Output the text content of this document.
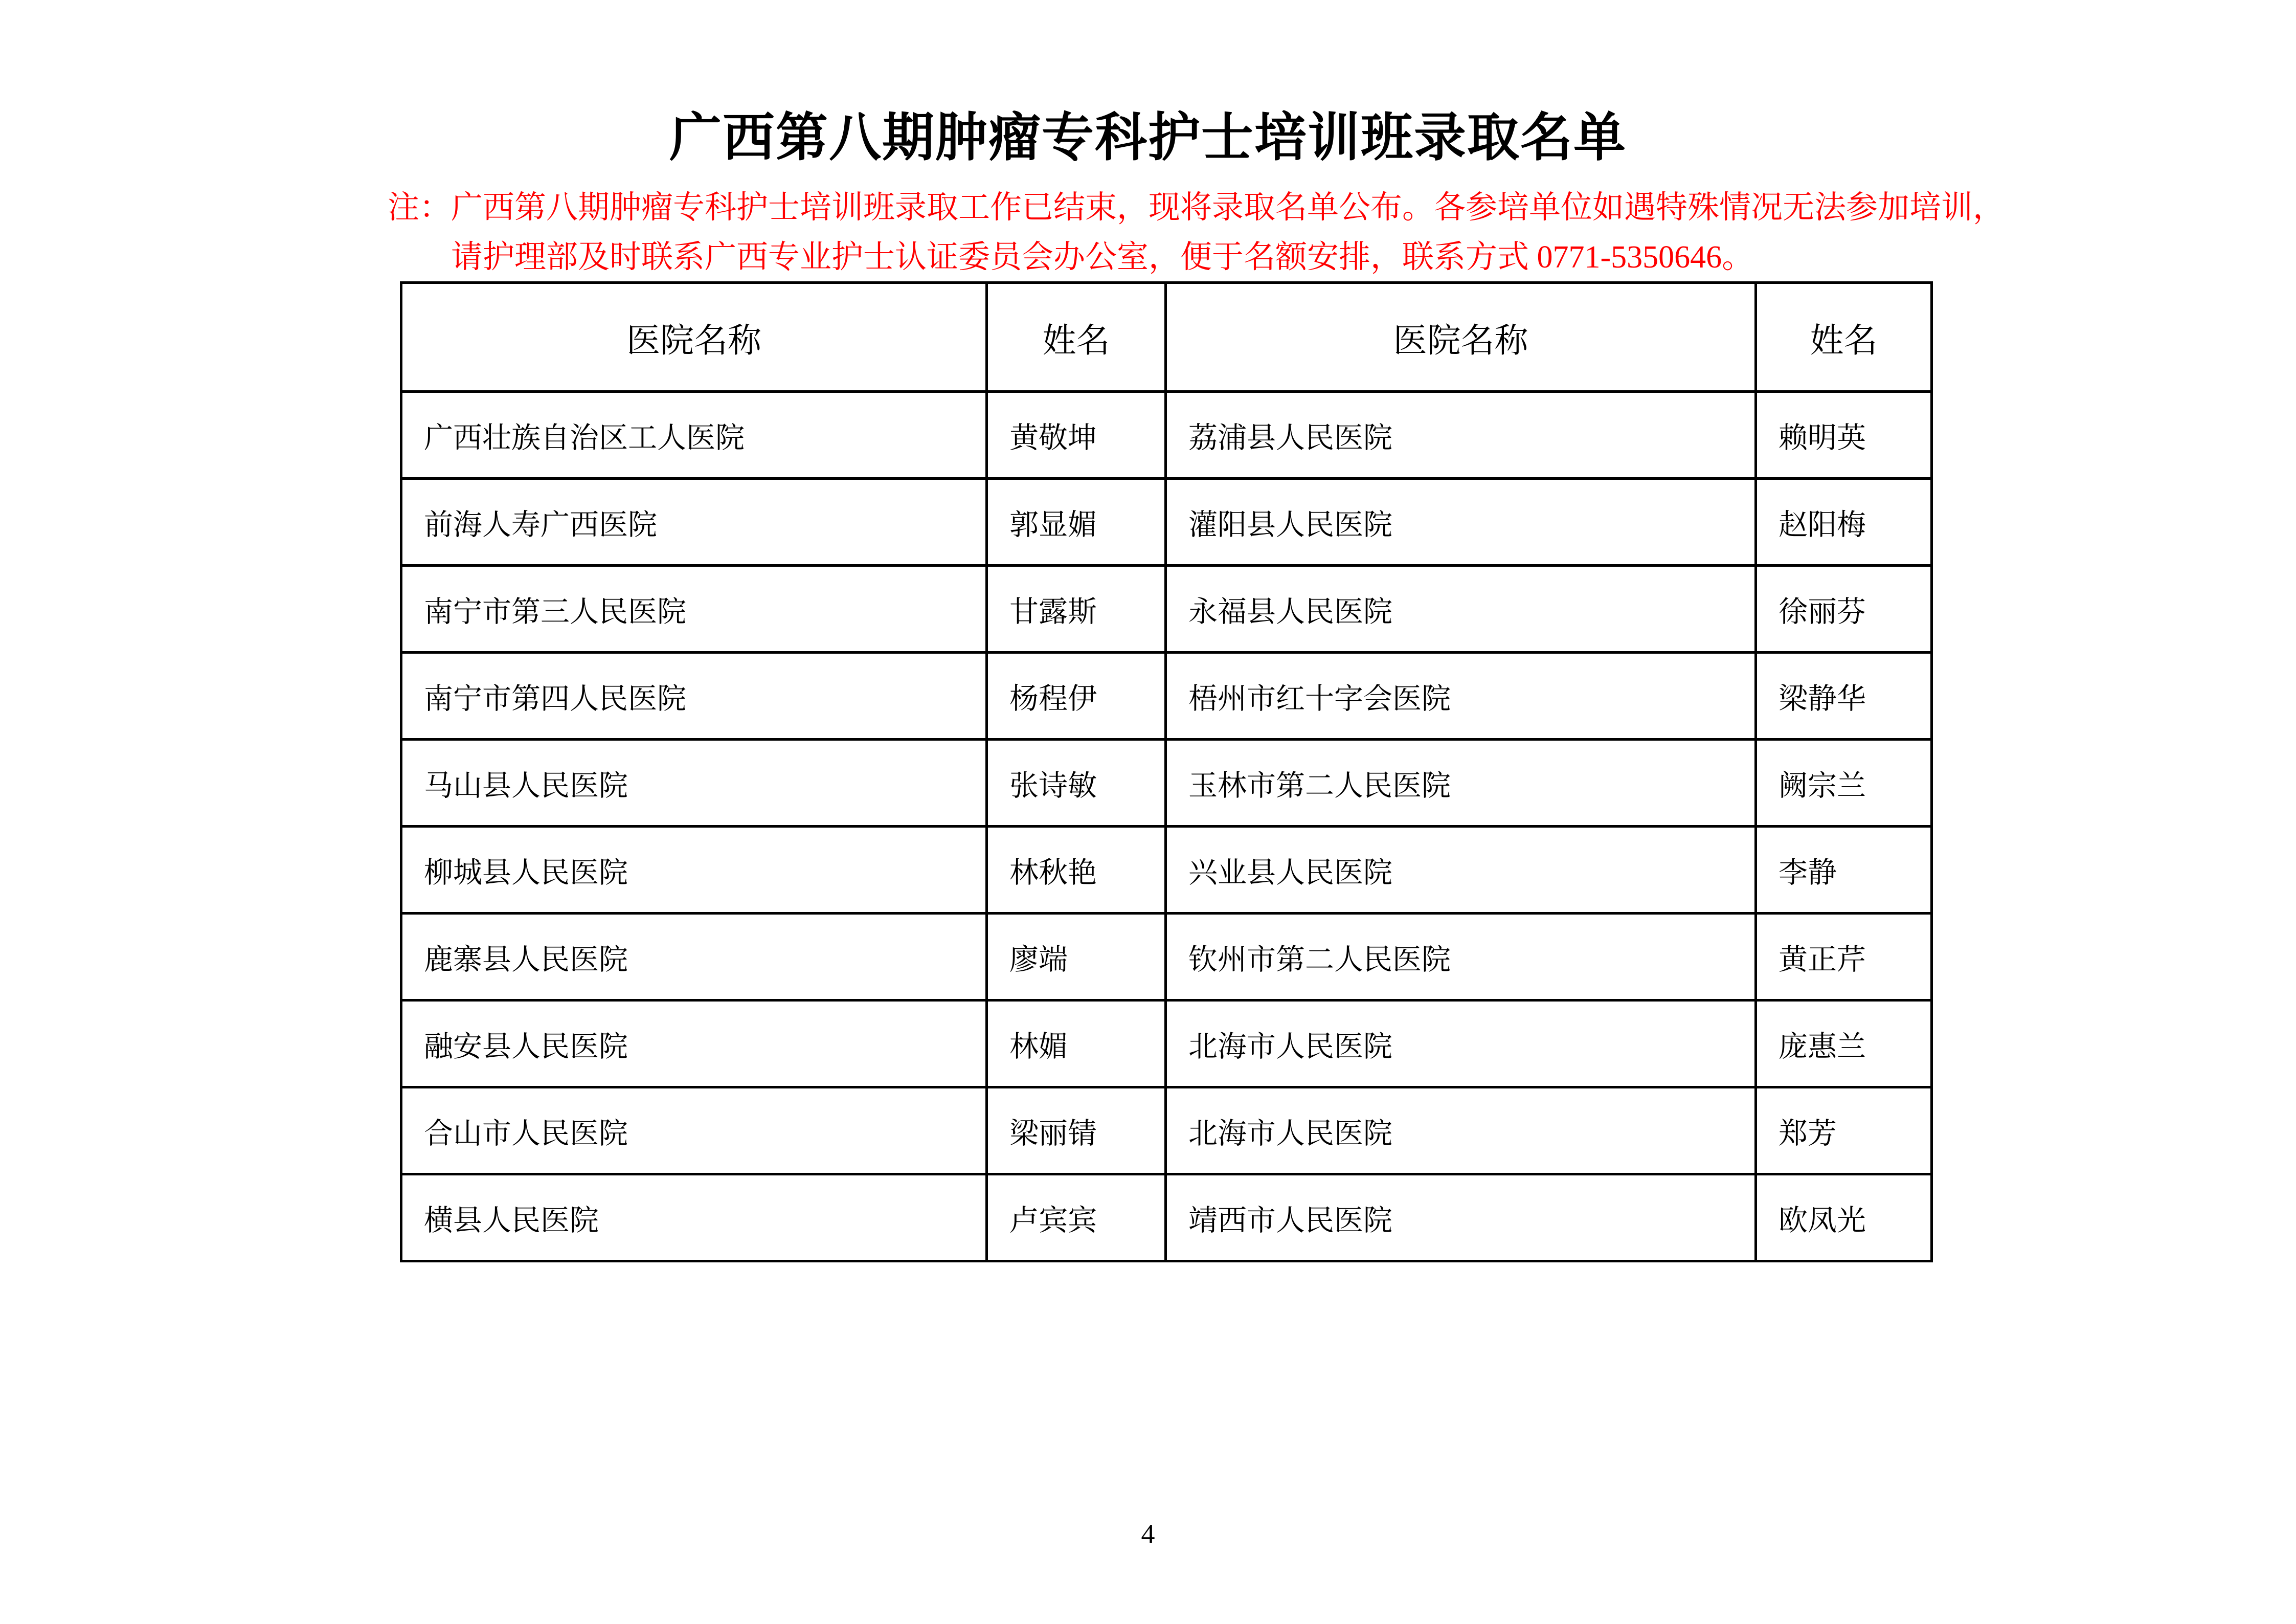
广西第八期肿瘤专科护士培训班录取名单
注：广西第八期肿瘤专科护士培训班录取工作已结束，现将录取名单公布。各参培单位如遇特殊情况无法参加培训，
请护理部及时联系广西专业护士认证委员会办公室，便于名额安排，联系方式 0771-5350646。
医院名称	姓名	医院名称	姓名
广西壮族自治区工人医院	黄敬坤	荔浦县人民医院	赖明英
前海人寿广西医院	郭显媚	灌阳县人民医院	赵阳梅
南宁市第三人民医院	甘露斯	永福县人民医院	徐丽芬
南宁市第四人民医院	杨程伊	梧州市红十字会医院	梁静华
马山县人民医院	张诗敏	玉林市第二人民医院	阙宗兰
柳城县人民医院	林秋艳	兴业县人民医院	李静
鹿寨县人民医院	廖端	钦州市第二人民医院	黄正芹
融安县人民医院	林媚	北海市人民医院	庞惠兰
合山市人民医院	梁丽锖	北海市人民医院	郑芳
横县人民医院	卢宾宾	靖西市人民医院	欧凤光
4
